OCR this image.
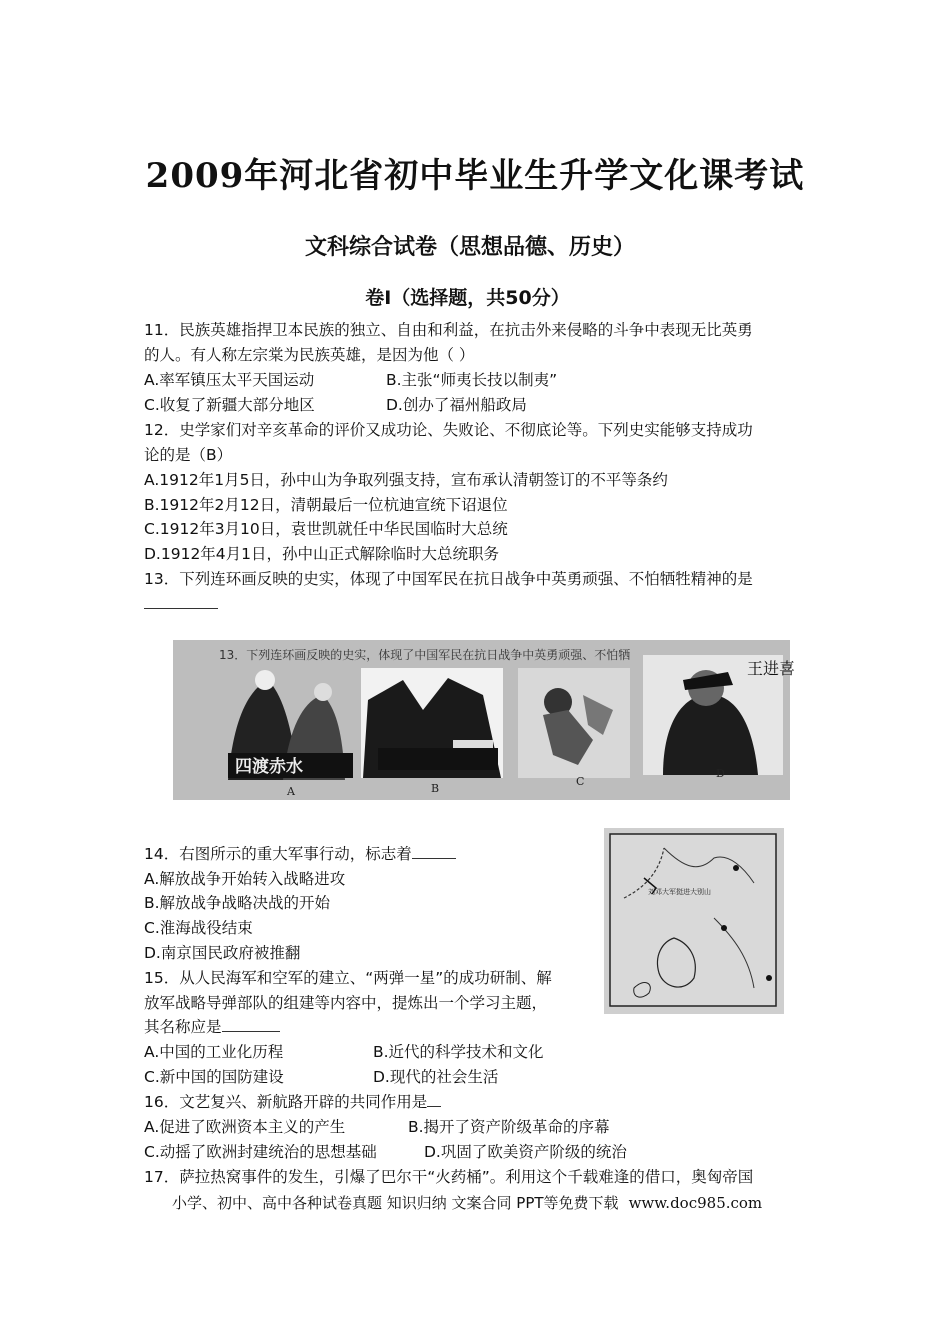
2009年河北省初中毕业生升学文化课考试
文科综合试卷（思想品德、历史）
卷Ⅰ（选择题，共50分）
11．民族英雄指捍卫本民族的独立、自由和利益，在抗击外来侵略的斗争中表现无比英勇
的人。有人称左宗棠为民族英雄，是因为他（ ）
A.率军镇压太平天国运动	B.主张“师夷长技以制夷”
C.收复了新疆大部分地区	D.创办了福州船政局
12．史学家们对辛亥革命的评价又成功论、失败论、不彻底论等。下列史实能够支持成功
论的是（B）
A.1912年1月5日，孙中山为争取列强支持，宣布承认清朝签订的不平等条约
B.1912年2月12日，清朝最后一位杭迪宣统下诏退位
C.1912年3月10日，袁世凯就任中华民国临时大总统
D.1912年4月1日，孙中山正式解除临时大总统职务
13．下列连环画反映的史实，体现了中国军民在抗日战争中英勇顽强、不怕牺牲精神的是
13．下列连环画反映的史实，体现了中国军民在抗日战争中英勇顽强、不怕牺
四渡赤水
A	B
C
王进喜
D
14．右图所示的重大军事行动，标志着
A.解放战争开始转入战略进攻
B.解放战争战略决战的开始
C.淮海战役结束
D.南京国民政府被推翻
刘邓大军挺进大别山
15．从人民海军和空军的建立、“两弹一星”的成功研制、解
放军战略导弹部队的组建等内容中，提炼出一个学习主题，
其名称应是
A.中国的工业化历程	B.近代的科学技术和文化
C.新中国的国防建设	D.现代的社会生活
16．文艺复兴、新航路开辟的共同作用是
A.促进了欧洲资本主义的产生	B.揭开了资产阶级革命的序幕
C.动摇了欧洲封建统治的思想基础	D.巩固了欧美资产阶级的统治
17．萨拉热窝事件的发生，引爆了巴尔干“火药桶”。利用这个千载难逢的借口，奥匈帝国
小学、初中、高中各种试卷真题 知识归纳 文案合同 PPT等免费下载 www.doc985.com
